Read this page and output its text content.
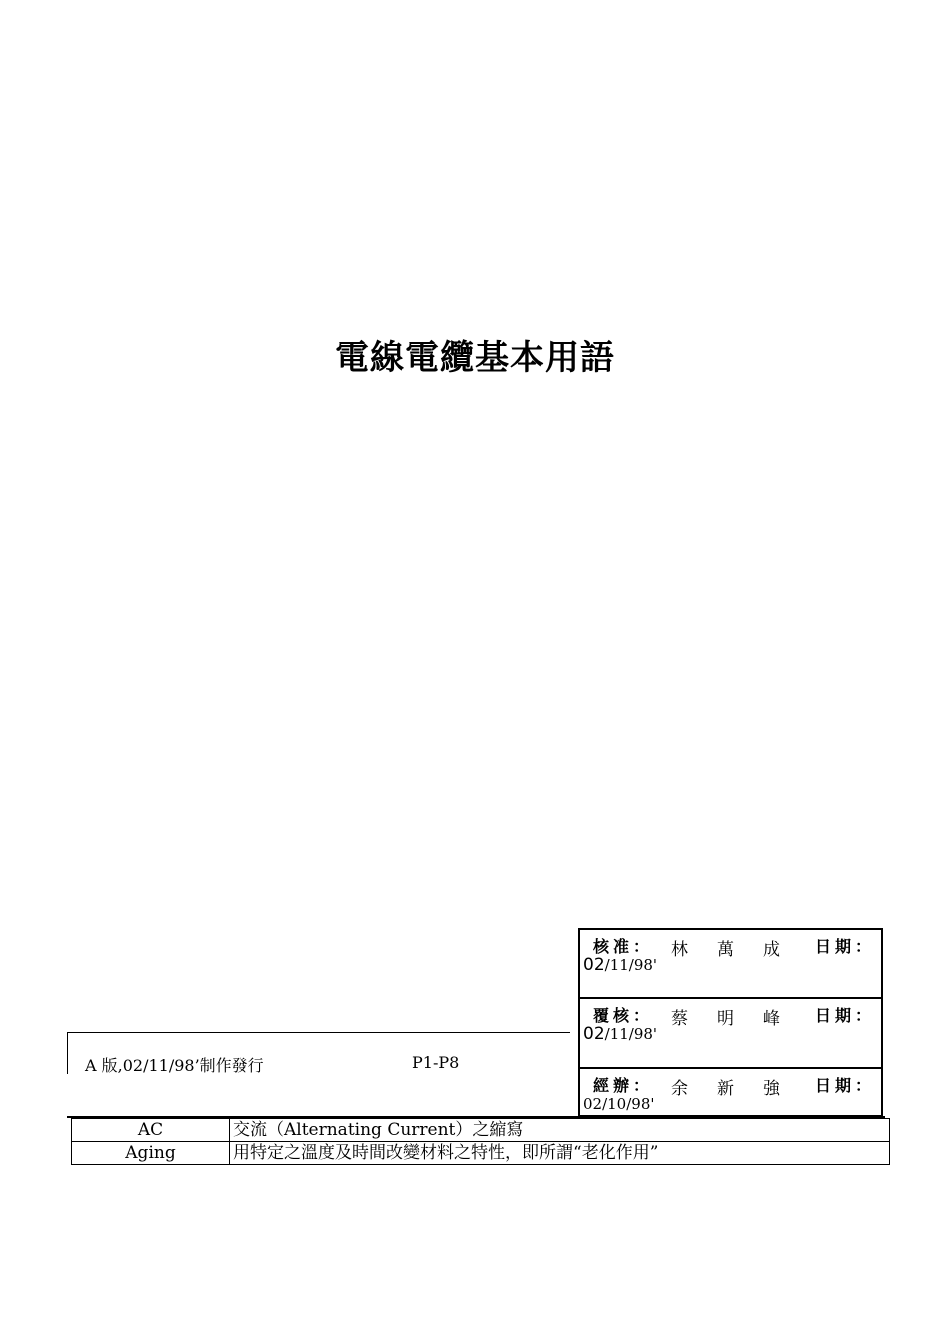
電線電纜基本用語
核准： 林 萬 成	日期：
02/11/98'
覆核： 蔡 明 峰	日期：
02/11/98'
經辦： 余 新 強	日期：
02/10/98'
A 版,02/11/98’制作發行	P1-P8
AC	交流（Alternating Current）之縮寫
Aging	用特定之溫度及時間改變材料之特性，即所謂“老化作用”
